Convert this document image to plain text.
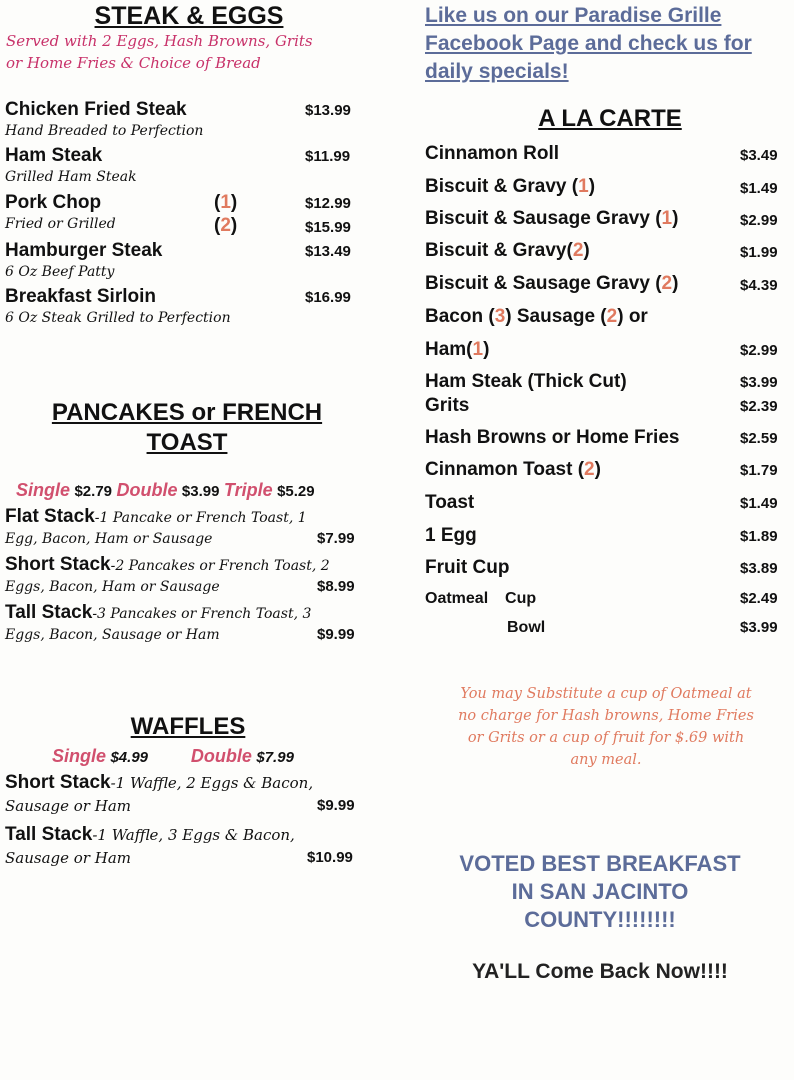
STEAK & EGGS
Served with 2 Eggs, Hash Browns, Grits
or Home Fries & Choice of Bread
Chicken Fried Steak	$13.99
Hand Breaded to Perfection
Ham Steak	$11.99
Grilled Ham Steak
Pork Chop	(1)	$12.99
Fried or Grilled	(2)	$15.99
Hamburger Steak	$13.49
6 Oz Beef Patty
Breakfast Sirloin	$16.99
6 Oz Steak Grilled to Perfection
PANCAKES or FRENCH
TOAST
Single $2.79 Double $3.99 Triple $5.29
Flat Stack-1 Pancake or French Toast, 1
Egg, Bacon, Ham or Sausage	$7.99
Short Stack-2 Pancakes or French Toast, 2
Eggs, Bacon, Ham or Sausage	$8.99
Tall Stack-3 Pancakes or French Toast, 3
Eggs, Bacon, Sausage or Ham	$9.99
WAFFLES
Single $4.99 Double $7.99
Short Stack-1 Waffle, 2 Eggs & Bacon,
Sausage or Ham	$9.99
Tall Stack-1 Waffle, 3 Eggs & Bacon,
Sausage or Ham	$10.99
Like us on our Paradise Grille
Facebook Page and check us for
daily specials!
A LA CARTE
Cinnamon Roll	$3.49
Biscuit & Gravy (1)	$1.49
Biscuit & Sausage Gravy (1)	$2.99
Biscuit & Gravy(2)	$1.99
Biscuit & Sausage Gravy (2)	$4.39
Bacon (3) Sausage (2) or
Ham(1)	$2.99
Ham Steak (Thick Cut)	$3.99
Grits	$2.39
Hash Browns or Home Fries	$2.59
Cinnamon Toast (2)	$1.79
Toast	$1.49
1 Egg	$1.89
Fruit Cup	$3.89
Oatmeal Cup	$2.49
Bowl	$3.99
You may Substitute a cup of Oatmeal at
no charge for Hash browns, Home Fries
or Grits or a cup of fruit for $.69 with
any meal.
VOTED BEST BREAKFAST
IN SAN JACINTO
COUNTY!!!!!!!!
YA'LL Come Back Now!!!!
